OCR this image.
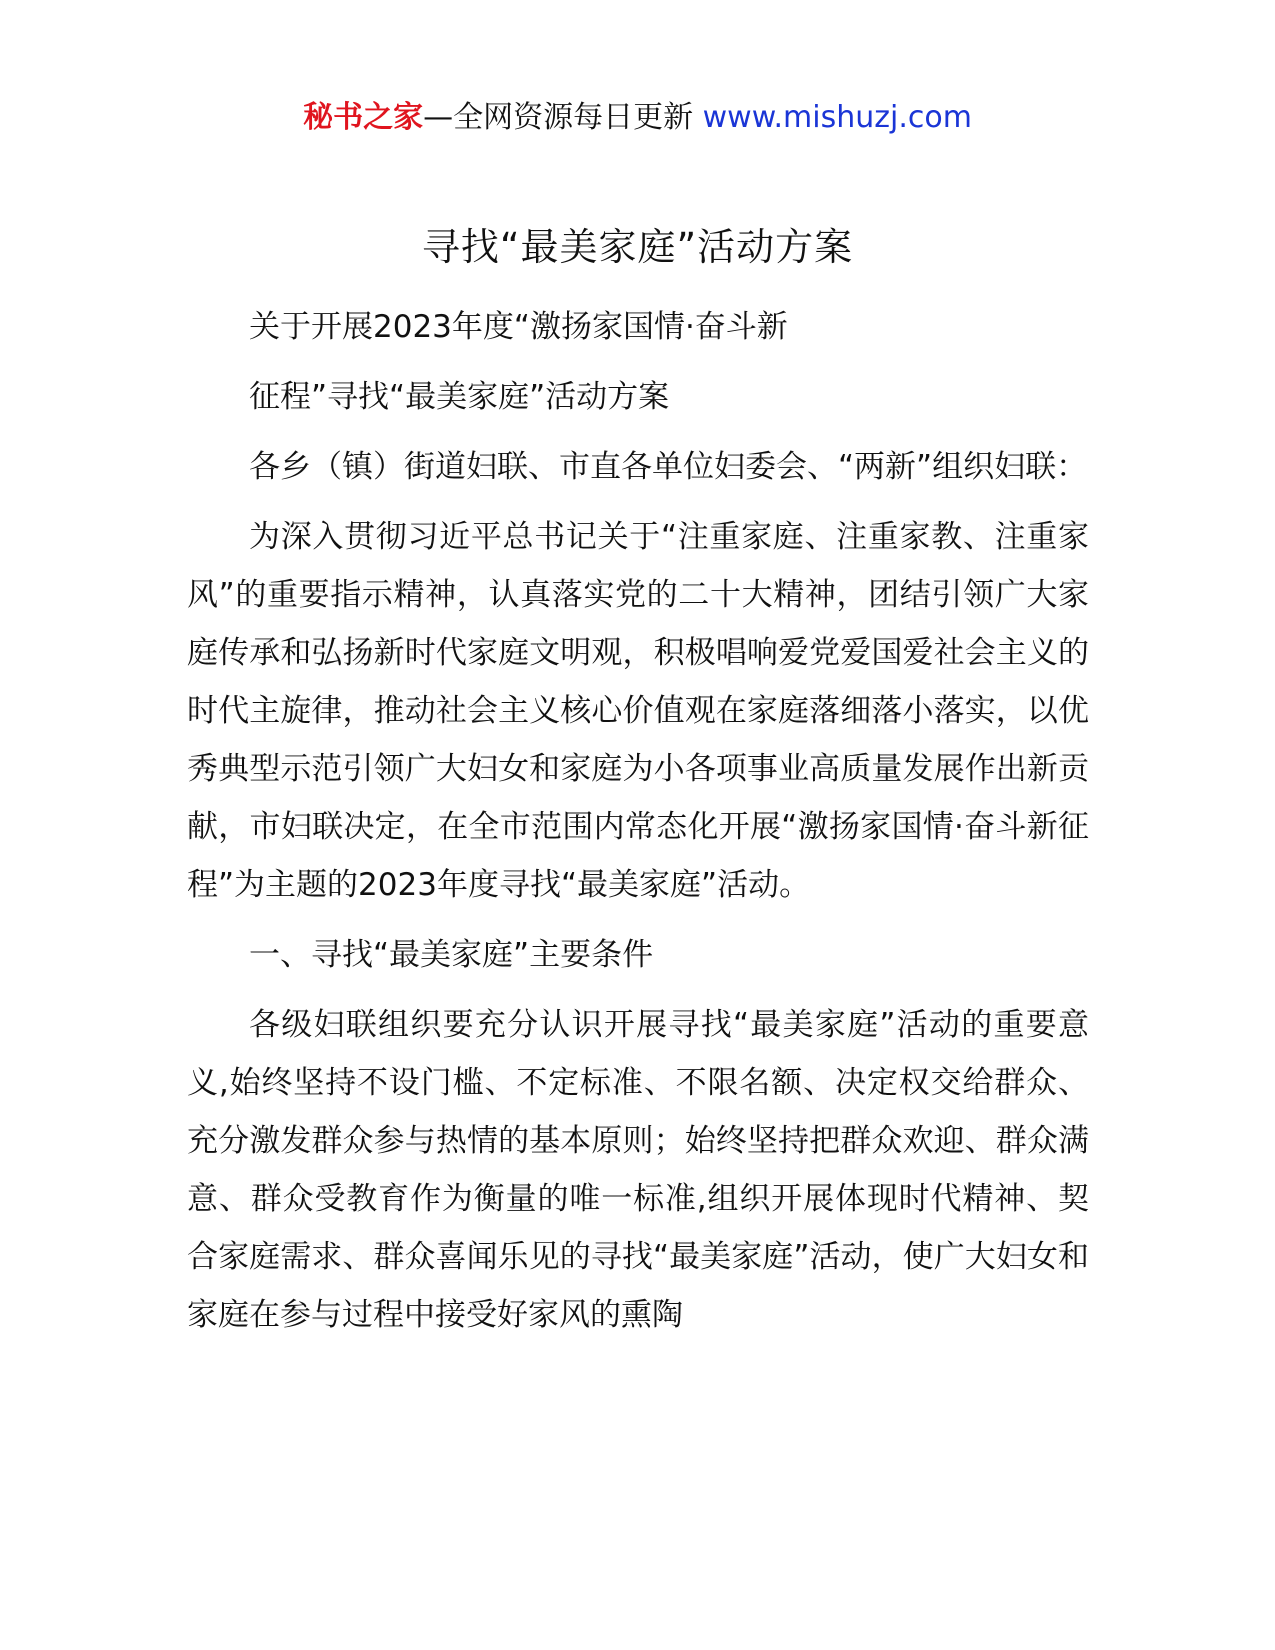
秘书之家—全网资源每日更新 www.mishuzj.com
寻找“最美家庭”活动方案

关于开展2023年度“激扬家国情·奋斗新

征程”寻找“最美家庭”活动方案

各乡（镇）街道妇联、市直各单位妇委会、“两新”组织妇联：

为深入贯彻习近平总书记关于“注重家庭、注重家教、注重家风”的重要指示精神，认真落实党的二十大精神，团结引领广大家庭传承和弘扬新时代家庭文明观，积极唱响爱党爱国爱社会主义的时代主旋律，推动社会主义核心价值观在家庭落细落小落实，以优秀典型示范引领广大妇女和家庭为小各项事业高质量发展作出新贡献，市妇联决定，在全市范围内常态化开展“激扬家国情·奋斗新征程”为主题的2023年度寻找“最美家庭”活动。

一、寻找“最美家庭”主要条件

各级妇联组织要充分认识开展寻找“最美家庭”活动的重要意义,始终坚持不设门槛、不定标准、不限名额、决定权交给群众、充分激发群众参与热情的基本原则；始终坚持把群众欢迎、群众满意、群众受教育作为衡量的唯一标准,组织开展体现时代精神、契合家庭需求、群众喜闻乐见的寻找“最美家庭”活动，使广大妇女和家庭在参与过程中接受好家风的熏陶
